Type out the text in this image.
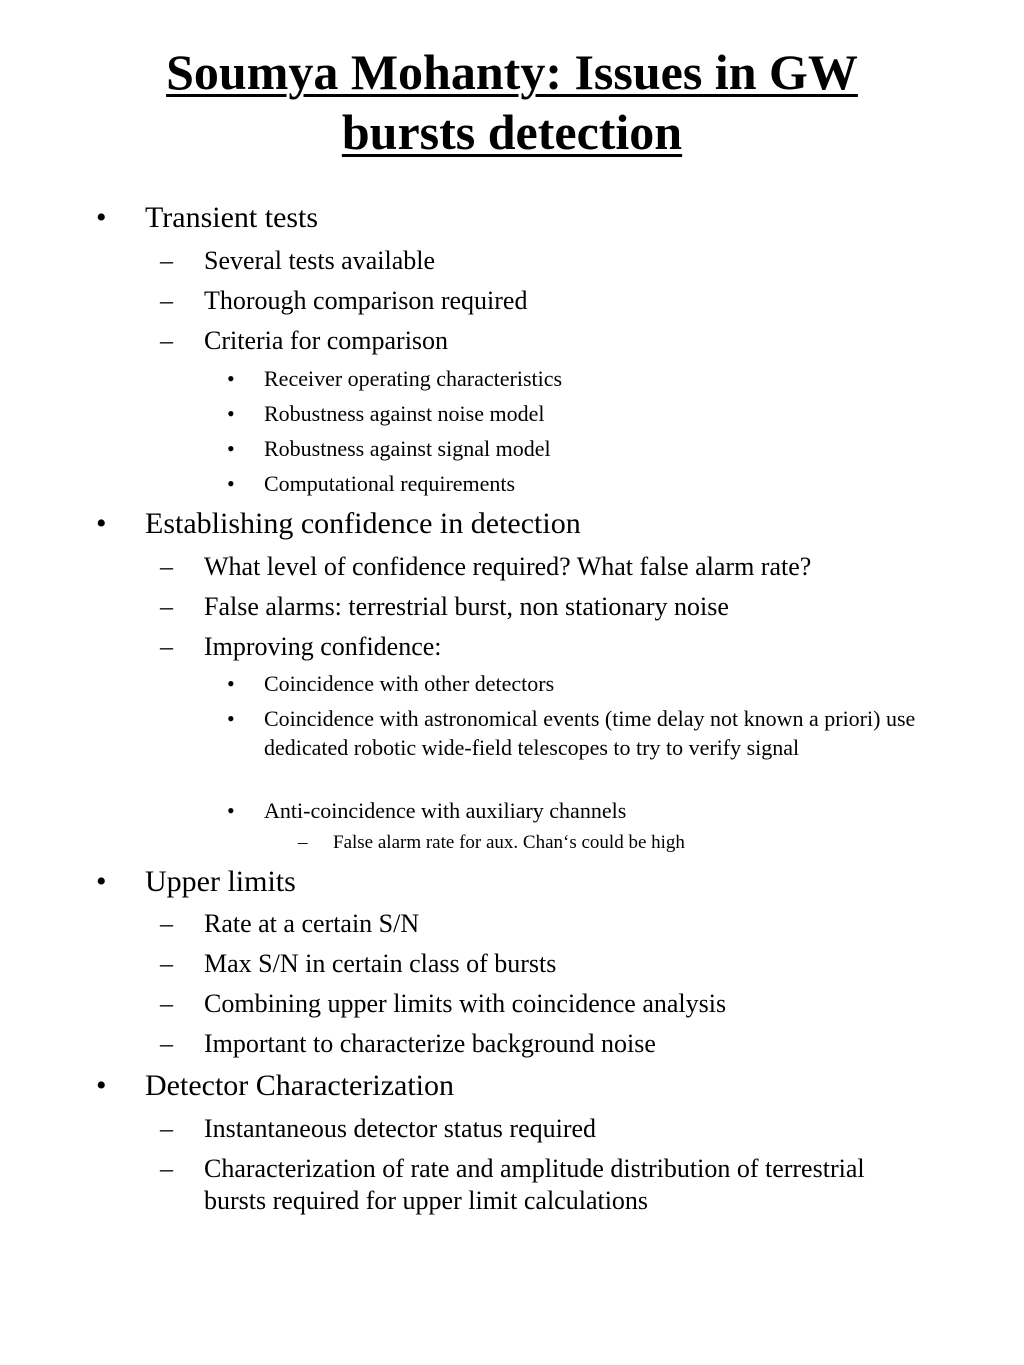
Soumya Mohanty: Issues in GW
bursts detection
• Transient tests
– Several tests available
– Thorough comparison required
– Criteria for comparison
• Receiver operating characteristics
• Robustness against noise model
• Robustness against signal model
• Computational requirements
• Establishing confidence in detection
– What level of confidence required? What false alarm rate?
– False alarms: terrestrial burst, non stationary noise
– Improving confidence:
• Coincidence with other detectors
• Coincidence with astronomical events (time delay not known a priori) use dedicated robotic wide-field telescopes to try to verify signal
• Anti-coincidence with auxiliary channels
– False alarm rate for aux. Chan‘s could be high
• Upper limits
– Rate at a certain S/N
– Max S/N in certain class of bursts
– Combining upper limits with coincidence analysis
– Important to characterize background noise
• Detector Characterization
– Instantaneous detector status required
– Characterization of rate and amplitude distribution of terrestrial bursts required for upper limit calculations
